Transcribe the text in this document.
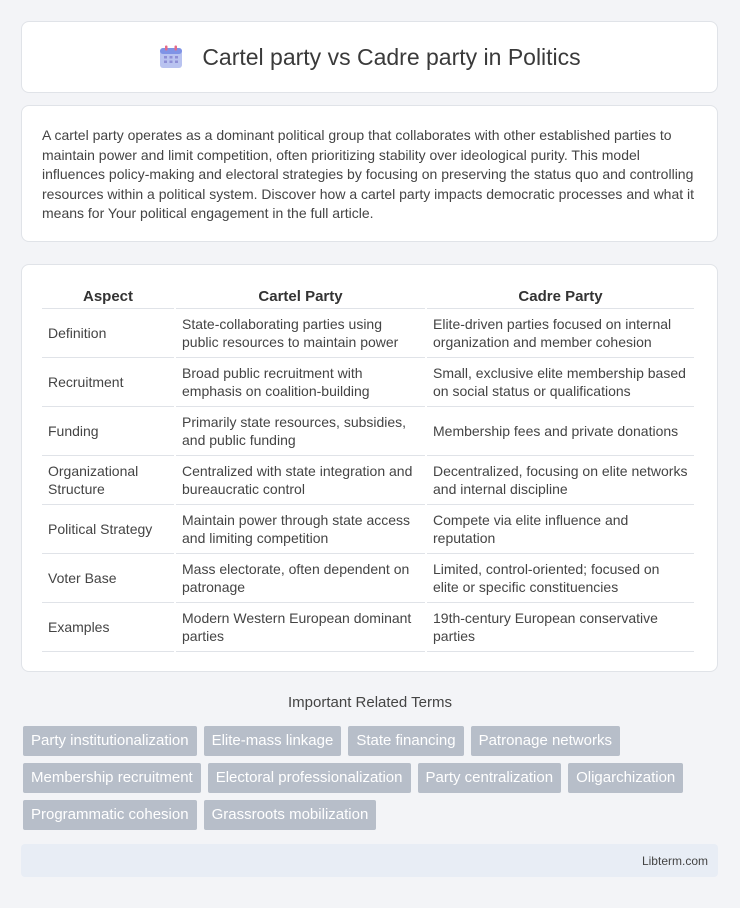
Cartel party vs Cadre party in Politics

A cartel party operates as a dominant political group that collaborates with other established parties to maintain power and limit competition, often prioritizing stability over ideological purity. This model influences policy-making and electoral strategies by focusing on preserving the status quo and controlling resources within a political system. Discover how a cartel party impacts democratic processes and what it means for Your political engagement in the full article.

Aspect	Cartel Party	Cadre Party
Definition	State-collaborating parties using public resources to maintain power	Elite-driven parties focused on internal organization and member cohesion
Recruitment	Broad public recruitment with emphasis on coalition-building	Small, exclusive elite membership based on social status or qualifications
Funding	Primarily state resources, subsidies, and public funding	Membership fees and private donations
Organizational Structure	Centralized with state integration and bureaucratic control	Decentralized, focusing on elite networks and internal discipline
Political Strategy	Maintain power through state access and limiting competition	Compete via elite influence and reputation
Voter Base	Mass electorate, often dependent on patronage	Limited, control-oriented; focused on elite or specific constituencies
Examples	Modern Western European dominant parties	19th-century European conservative parties
Important Related Terms
Party institutionalization	Elite-mass linkage	State financing	Patronage networks
Membership recruitment	Electoral professionalization	Party centralization	Oligarchization
Programmatic cohesion	Grassroots mobilization
Libterm.com
